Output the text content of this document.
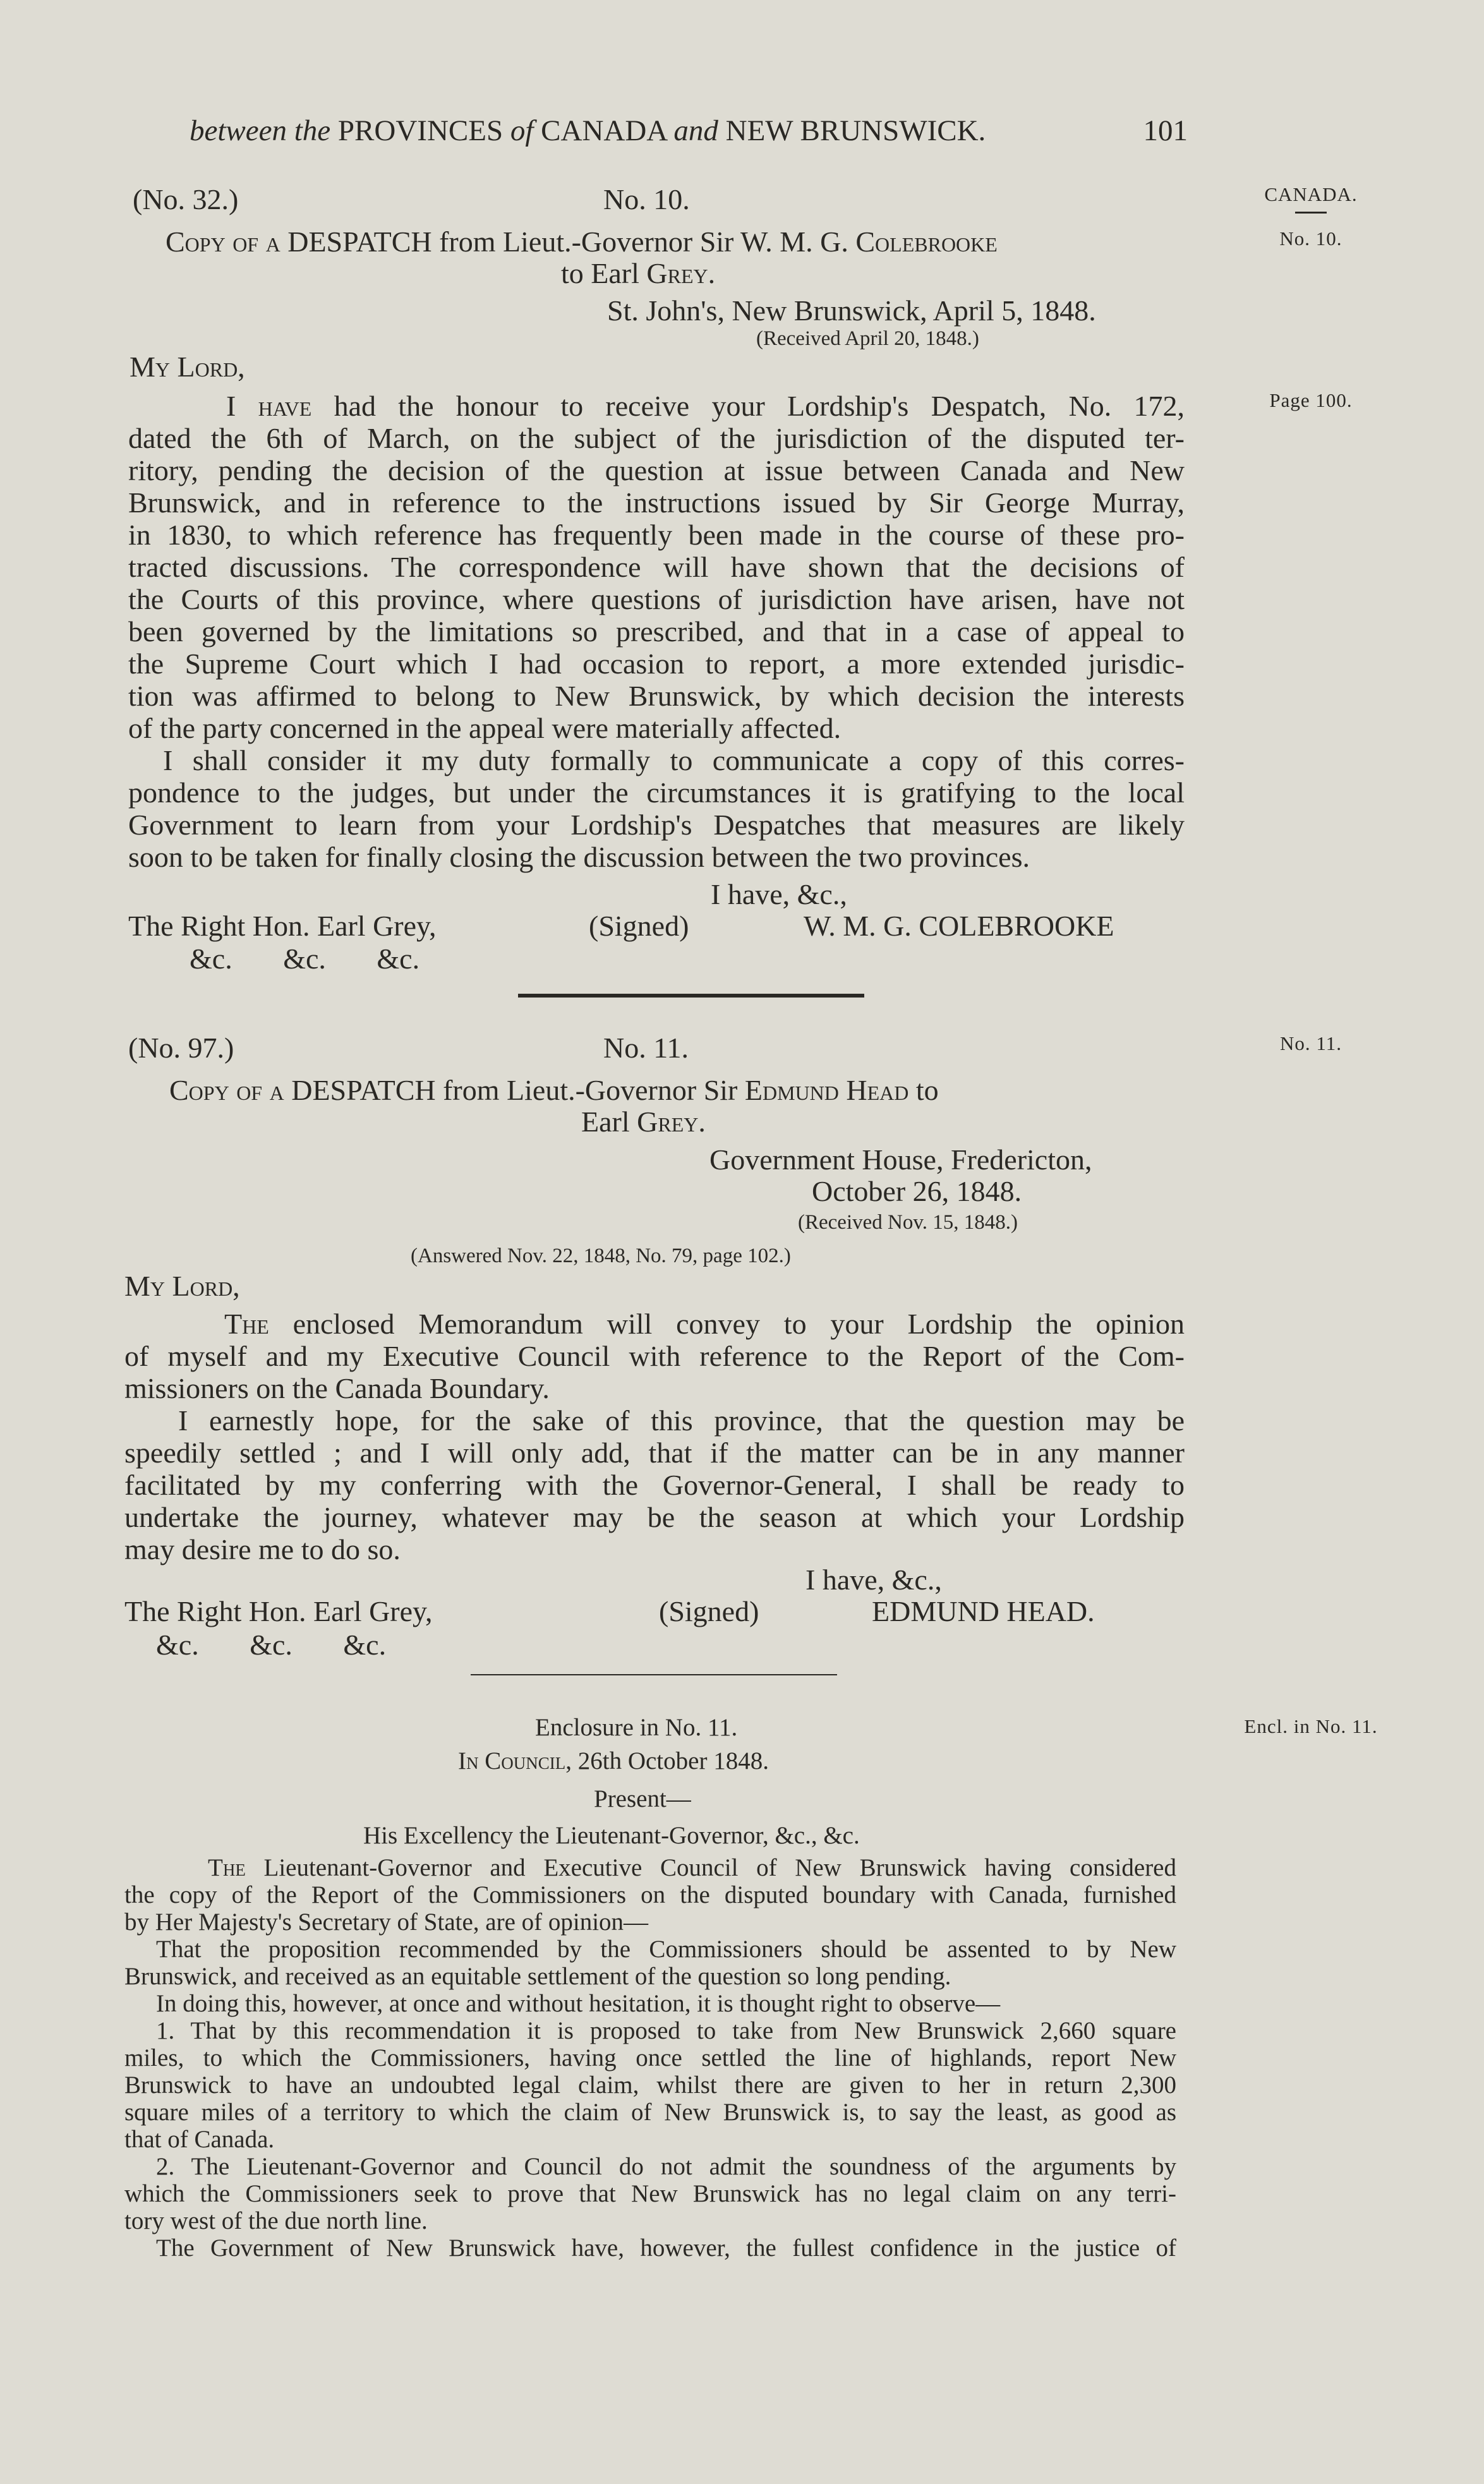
between the PROVINCES of CANADA and NEW BRUNSWICK.	101
CANADA.
No. 10.
Page 100.
No. 11.
Encl. in No. 11.
(No. 32.)	No. 10.
Copy of a DESPATCH from Lieut.-Governor Sir W. M. G. Colebrooke
to Earl Grey.
St. John's, New Brunswick, April 5, 1848.
(Received April 20, 1848.)
My Lord,
I have had the honour to receive your Lordship's Despatch, No. 172,
dated the 6th of March, on the subject of the jurisdiction of the disputed ter-
ritory, pending the decision of the question at issue between Canada and New
Brunswick, and in reference to the instructions issued by Sir George Murray,
in 1830, to which reference has frequently been made in the course of these pro-
tracted discussions. The correspondence will have shown that the decisions of
the Courts of this province, where questions of jurisdiction have arisen, have not
been governed by the limitations so prescribed, and that in a case of appeal to
the Supreme Court which I had occasion to report, a more extended jurisdic-
tion was affirmed to belong to New Brunswick, by which decision the interests
of the party concerned in the appeal were materially affected.
I shall consider it my duty formally to communicate a copy of this corres-
pondence to the judges, but under the circumstances it is gratifying to the local
Government to learn from your Lordship's Despatches that measures are likely
soon to be taken for finally closing the discussion between the two provinces.
I have, &c.,
The Right Hon. Earl Grey,	(Signed)	W. M. G. COLEBROOKE
&c.       &c.       &c.
(No. 97.)	No. 11.
Copy of a DESPATCH from Lieut.-Governor Sir Edmund Head to
Earl Grey.
Government House, Fredericton,
October 26, 1848.
(Received Nov. 15, 1848.)
(Answered Nov. 22, 1848, No. 79, page 102.)
My Lord,
The enclosed Memorandum will convey to your Lordship the opinion
of myself and my Executive Council with reference to the Report of the Com-
missioners on the Canada Boundary.
I earnestly hope, for the sake of this province, that the question may be
speedily settled ; and I will only add, that if the matter can be in any manner
facilitated by my conferring with the Governor-General, I shall be ready to
undertake the journey, whatever may be the season at which your Lordship
may desire me to do so.
I have, &c.,
The Right Hon. Earl Grey,	(Signed)	EDMUND HEAD.
&c.       &c.       &c.
Enclosure in No. 11.
In Council, 26th October 1848.
Present—
His Excellency the Lieutenant-Governor, &c., &c.
The Lieutenant-Governor and Executive Council of New Brunswick having considered
the copy of the Report of the Commissioners on the disputed boundary with Canada, furnished
by Her Majesty's Secretary of State, are of opinion—
That the proposition recommended by the Commissioners should be assented to by New
Brunswick, and received as an equitable settlement of the question so long pending.
In doing this, however, at once and without hesitation, it is thought right to observe—
1. That by this recommendation it is proposed to take from New Brunswick 2,660 square
miles, to which the Commissioners, having once settled the line of highlands, report New
Brunswick to have an undoubted legal claim, whilst there are given to her in return 2,300
square miles of a territory to which the claim of New Brunswick is, to say the least, as good as
that of Canada.
2. The Lieutenant-Governor and Council do not admit the soundness of the arguments by
which the Commissioners seek to prove that New Brunswick has no legal claim on any terri-
tory west of the due north line.
The Government of New Brunswick have, however, the fullest confidence in the justice of
